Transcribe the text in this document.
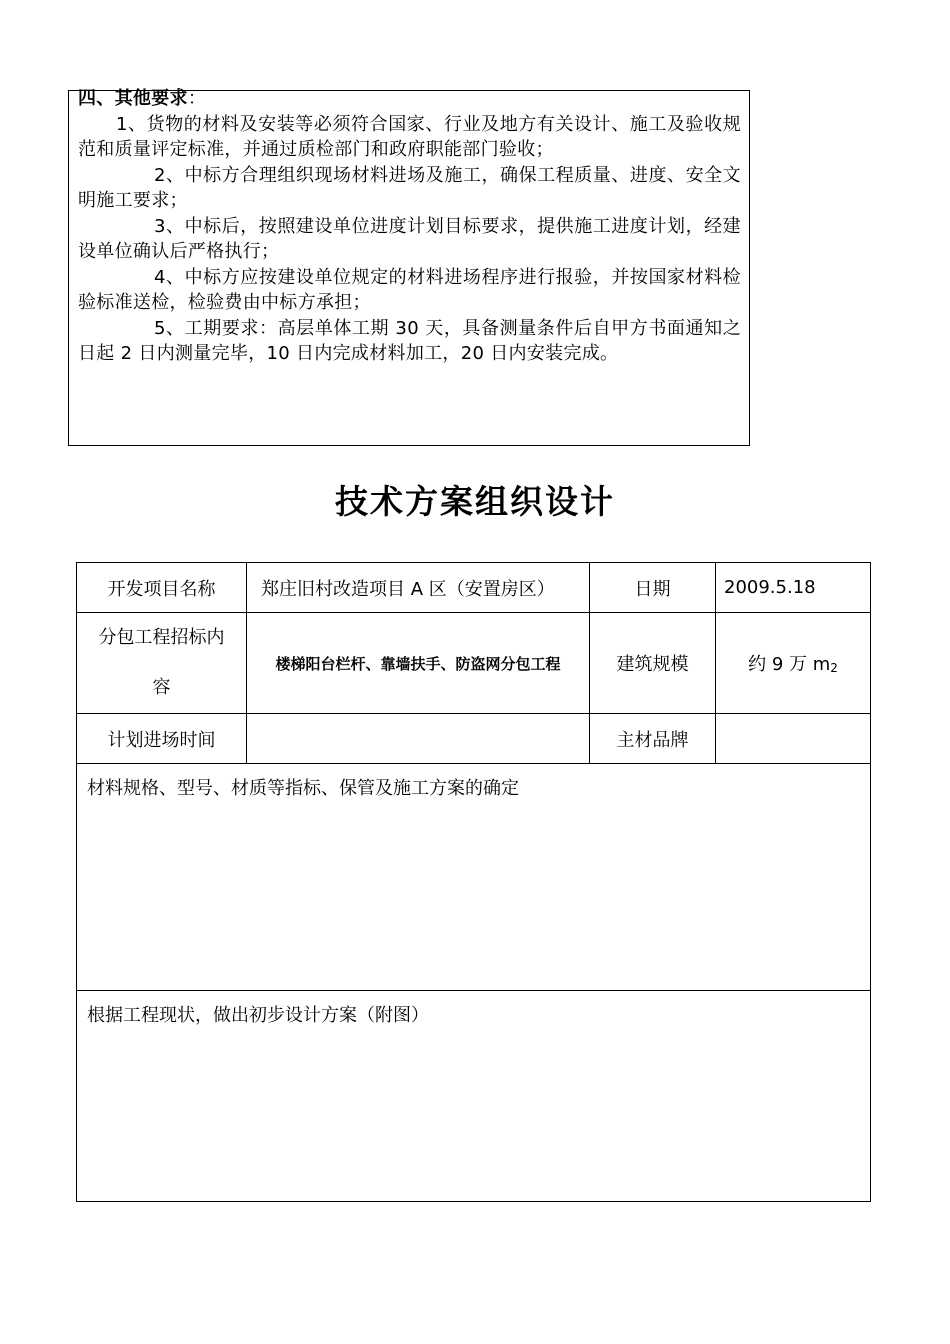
四、其他要求：

1、货物的材料及安装等必须符合国家、行业及地方有关设计、施工及验收规范和质量评定标准，并通过质检部门和政府职能部门验收；

2、中标方合理组织现场材料进场及施工，确保工程质量、进度、安全文明施工要求；

3、中标后，按照建设单位进度计划目标要求，提供施工进度计划，经建设单位确认后严格执行；

4、中标方应按建设单位规定的材料进场程序进行报验，并按国家材料检验标准送检，检验费由中标方承担；

5、工期要求：高层单体工期 30 天，具备测量条件后自甲方书面通知之日起 2 日内测量完毕，10 日内完成材料加工，20 日内安装完成。

技术方案组织设计
开发项目名称	郑庄旧村改造项目 A 区（安置房区）	日期	2009.5.18

分包工程招标内
容	楼梯阳台栏杆、靠墙扶手、防盗网分包工程	建筑规模	约 9 万 $m_2$
计划进场时间		主材品牌	
材料规格、型号、材质等指标、保管及施工方案的确定			
根据工程现状，做出初步设计方案（附图）			
